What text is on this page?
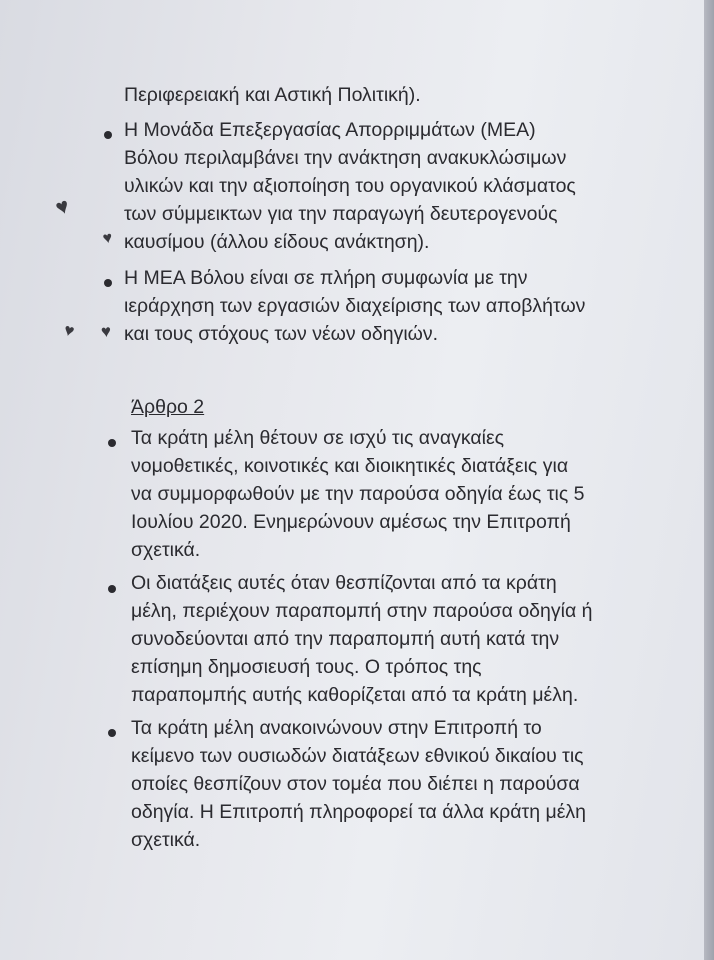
Περιφερειακή και Αστική Πολιτική).
Η Μονάδα Επεξεργασίας Απορριμμάτων (ΜΕΑ)
Βόλου περιλαμβάνει την ανάκτηση ανακυκλώσιμων
υλικών και την αξιοποίηση του οργανικού κλάσματος
των σύμμεικτων για την παραγωγή δευτερογενούς
καυσίμου (άλλου είδους ανάκτηση).
Η ΜΕΑ Βόλου είναι σε πλήρη συμφωνία με την
ιεράρχηση των εργασιών διαχείρισης των αποβλήτων
και τους στόχους των νέων οδηγιών.
Άρθρο 2
Τα κράτη μέλη θέτουν σε ισχύ τις αναγκαίες
νομοθετικές, κοινοτικές και διοικητικές διατάξεις για
να συμμορφωθούν με την παρούσα οδηγία έως τις 5
Ιουλίου 2020. Ενημερώνουν αμέσως την Επιτροπή
σχετικά.
Οι διατάξεις αυτές όταν θεσπίζονται από τα κράτη
μέλη, περιέχουν παραπομπή στην παρούσα οδηγία ή
συνοδεύονται από την παραπομπή αυτή κατά την
επίσημη δημοσιευσή τους. Ο τρόπος της
παραπομπής αυτής καθορίζεται από τα κράτη μέλη.
Τα κράτη μέλη ανακοινώνουν στην Επιτροπή το
κείμενο των ουσιωδών διατάξεων εθνικού δικαίου τις
οποίες θεσπίζουν στον τομέα που διέπει η παρούσα
οδηγία. Η Επιτροπή πληροφορεί τα άλλα κράτη μέλη
σχετικά.
♥
♥
♥ ♥
